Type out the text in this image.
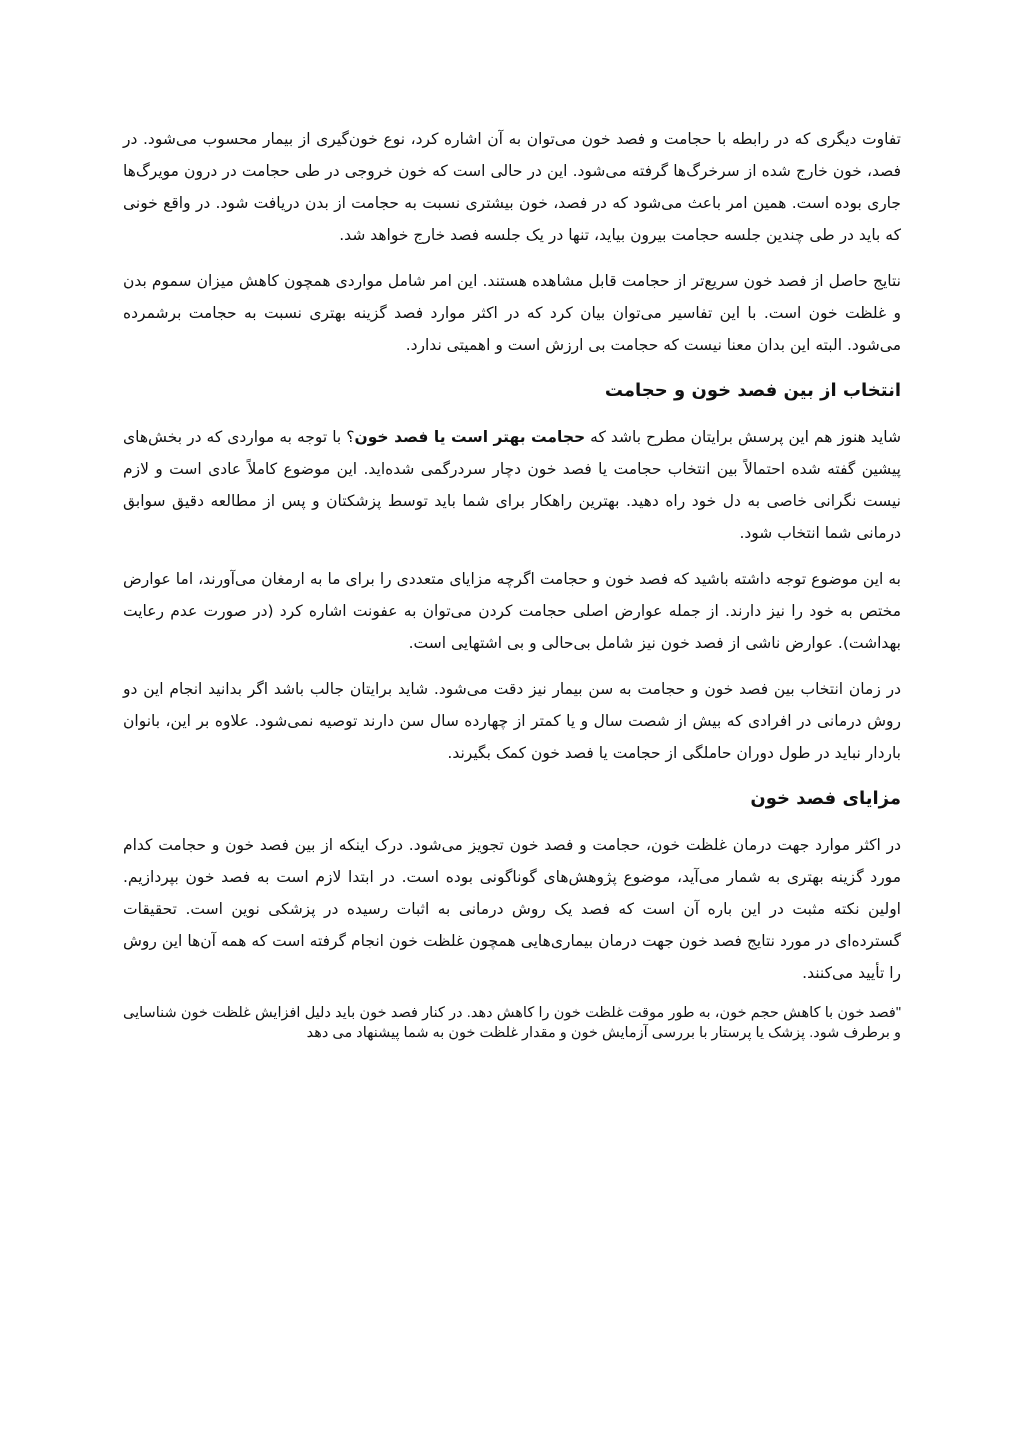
تفاوت دیگری که در رابطه با حجامت و فصد خون می‌توان به آن اشاره کرد، نوع خون‌گیری از بیمار محسوب می‌شود. در فصد، خون خارج شده از سرخرگ‌ها گرفته می‌شود. این در حالی است که خون خروجی در طی حجامت در درون مویرگ‌ها جاری بوده است. همین امر باعث می‌شود که در فصد، خون بیشتری نسبت به حجامت از بدن دریافت شود. در واقع خونی که باید در طی چندین جلسه حجامت بیرون بیاید، تنها در یک جلسه فصد خارج خواهد شد.

نتایج حاصل از فصد خون سریع‌تر از حجامت قابل مشاهده هستند. این امر شامل مواردی همچون کاهش میزان سموم بدن و غلظت خون است. با این تفاسیر می‌توان بیان کرد که در اکثر موارد فصد گزینه بهتری نسبت به حجامت برشمرده می‌شود. البته این بدان معنا نیست که حجامت بی ارزش است و اهمیتی ندارد.

انتخاب از بین فصد خون و حجامت

شاید هنوز هم این پرسش برایتان مطرح باشد که حجامت بهتر است یا فصد خون؟ با توجه به مواردی که در بخش‌های پیشین گفته شده احتمالاً بین انتخاب حجامت یا فصد خون دچار سردرگمی شده‌اید. این موضوع کاملاً عادی است و لازم نیست نگرانی خاصی به دل خود راه دهید. بهترین راهکار برای شما باید توسط پزشکتان و پس از مطالعه دقیق سوابق درمانی شما انتخاب شود.

به این موضوع توجه داشته باشید که فصد خون و حجامت اگرچه مزایای متعددی را برای ما به ارمغان می‌آورند، اما عوارض مختص به خود را نیز دارند. از جمله عوارض اصلی حجامت کردن می‌توان به عفونت اشاره کرد (در صورت عدم رعایت بهداشت). عوارض ناشی از فصد خون نیز شامل بی‌حالی و بی اشتهایی است.

در زمان انتخاب بین فصد خون و حجامت به سن بیمار نیز دقت می‌شود. شاید برایتان جالب باشد اگر بدانید انجام این دو روش درمانی در افرادی که بیش از شصت سال و یا کمتر از چهارده سال سن دارند توصیه نمی‌شود. علاوه بر این، بانوان باردار نباید در طول دوران حاملگی از حجامت یا فصد خون کمک بگیرند.

مزایای فصد خون

در اکثر موارد جهت درمان غلظت خون، حجامت و فصد خون تجویز می‌شود. درک اینکه از بین فصد خون و حجامت کدام مورد گزینه بهتری به شمار می‌آید، موضوع پژوهش‌های گوناگونی بوده است. در ابتدا لازم است به فصد خون بپردازیم. اولین نکته مثبت در این باره آن است که فصد یک روش درمانی به اثبات رسیده در پزشکی نوین است. تحقیقات گسترده‌ای در مورد نتایج فصد خون جهت درمان بیماری‌هایی همچون غلظت خون انجام گرفته است که همه آن‌ها این روش را تأیید می‌کنند.

"فصد خون با کاهش حجم خون، به طور موقت غلظت خون را کاهش دهد. در کنار فصد خون باید دلیل افزایش غلظت خون شناسایی و برطرف شود. پزشک یا پرستار با بررسی آزمایش خون و مقدار غلظت خون به شما پیشنهاد می دهد
